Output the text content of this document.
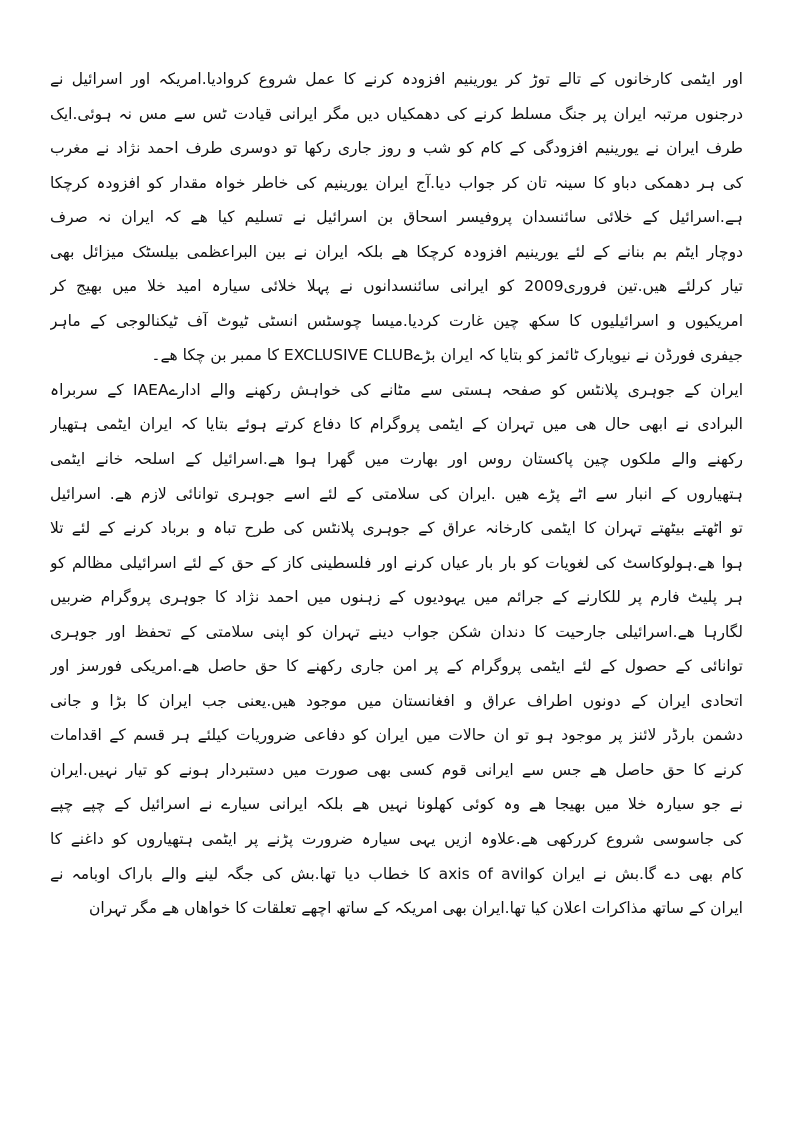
اور ایٹمی کارخانوں کے تالے توڑ کر یورینیم افزودہ کرنے کا عمل شروع کروادیا.امریکہ اور اسرائیل نے
درجنوں مرتبہ ایران پر جنگ مسلط کرنے کی دھمکیاں دیں مگر ایرانی قیادت ٹس سے مس نہ ہوئی.ایک
طرف ایران نے یورینیم افزودگی کے کام کو شب و روز جاری رکھا تو دوسری طرف احمد نژاد نے مغرب
کی ہر دھمکی دباو کا سینہ تان کر جواب دیا.آج ایران یورینیم کی خاطر خواہ مقدار کو افزودہ کرچکا
ہے.اسرائیل کے خلائی سائنسدان پروفیسر اسحاق بن اسرائیل نے تسلیم کیا ھے کہ ایران نہ صرف
دوچار ایٹم بم بنانے کے لئے یورینیم افزودہ کرچکا ھے بلکہ ایران نے بین البراعظمی بیلسٹک میزائل بھی
تیار کرلئے ھیں.تین فروری2009 کو ایرانی سائنسدانوں نے پہلا خلائی سیارہ امید خلا میں بھیج کر
امریکیوں و اسرائیلیوں کا سکھ چین غارت کردیا.میسا چوسٹس انسٹی ٹیوٹ آف ٹیکنالوجی کے ماہر
جیفری فورڈن نے نیویارک ٹائمز کو بتایا کہ ایران بڑےEXCLUSIVE CLUB کا ممبر بن چکا ھے۔
ایران کے جوہری پلانٹس کو صفحہ ہستی سے مٹانے کی خواہش رکھنے والے ادارےIAEA کے سربراہ
البرادی نے ابھی حال ھی میں تہران کے ایٹمی پروگرام کا دفاع کرتے ہوئے بتایا کہ ایران ایٹمی ہتھیار
رکھنے والے ملکوں چین پاکستان روس اور بھارت میں گھرا ہوا ھے.اسرائیل کے اسلحہ خانے ایٹمی
ہتھیاروں کے انبار سے اٹے پڑے ھیں .ایران کی سلامتی کے لئے اسے جوہری توانائی لازم ھے. اسرائیل
تو اٹھتے بیٹھتے تہران کا ایٹمی کارخانہ عراق کے جوہری پلانٹس کی طرح تباہ و برباد کرنے کے لئے تلا
ہوا ھے.ہولوکاسٹ کی لغویات کو بار بار عیاں کرنے اور فلسطینی کاز کے حق کے لئے اسرائیلی مظالم کو
ہر پلیٹ فارم پر للکارنے کے جرائم میں یہودیوں کے زہنوں میں احمد نژاد کا جوہری پروگرام ضربیں
لگارہا ھے.اسرائیلی جارحیت کا دندان شکن جواب دینے تہران کو اپنی سلامتی کے تحفظ اور جوہری
توانائی کے حصول کے لئے ایٹمی پروگرام کے پر امن جاری رکھنے کا حق حاصل ھے.امریکی فورسز اور
اتحادی ایران کے دونوں اطراف عراق و افغانستان میں موجود ھیں.یعنی جب ایران کا بڑا و جانی
دشمن بارڈر لائنز پر موجود ہو تو ان حالات میں ایران کو دفاعی ضروریات کیلئے ہر قسم کے اقدامات
کرنے کا حق حاصل ھے جس سے ایرانی قوم کسی بھی صورت میں دستبردار ہونے کو تیار نہیں.ایران
نے جو سیارہ خلا میں بھیجا ھے وہ کوئی کھلونا نہیں ھے بلکہ ایرانی سیارے نے اسرائیل کے چپے چپے
کی جاسوسی شروع کررکھی ھے.علاوہ ازیں یہی سیارہ ضرورت پڑنے پر ایٹمی ہتھیاروں کو داغنے کا
کام بھی دے گا.بش نے ایران کوaxis of avil کا خطاب دیا تھا.بش کی جگہ لینے والے باراک اوبامہ نے
ایران کے ساتھ مذاکرات اعلان کیا تھا.ایران بھی امریکہ کے ساتھ اچھے تعلقات کا خواھاں ھے مگر تہران
